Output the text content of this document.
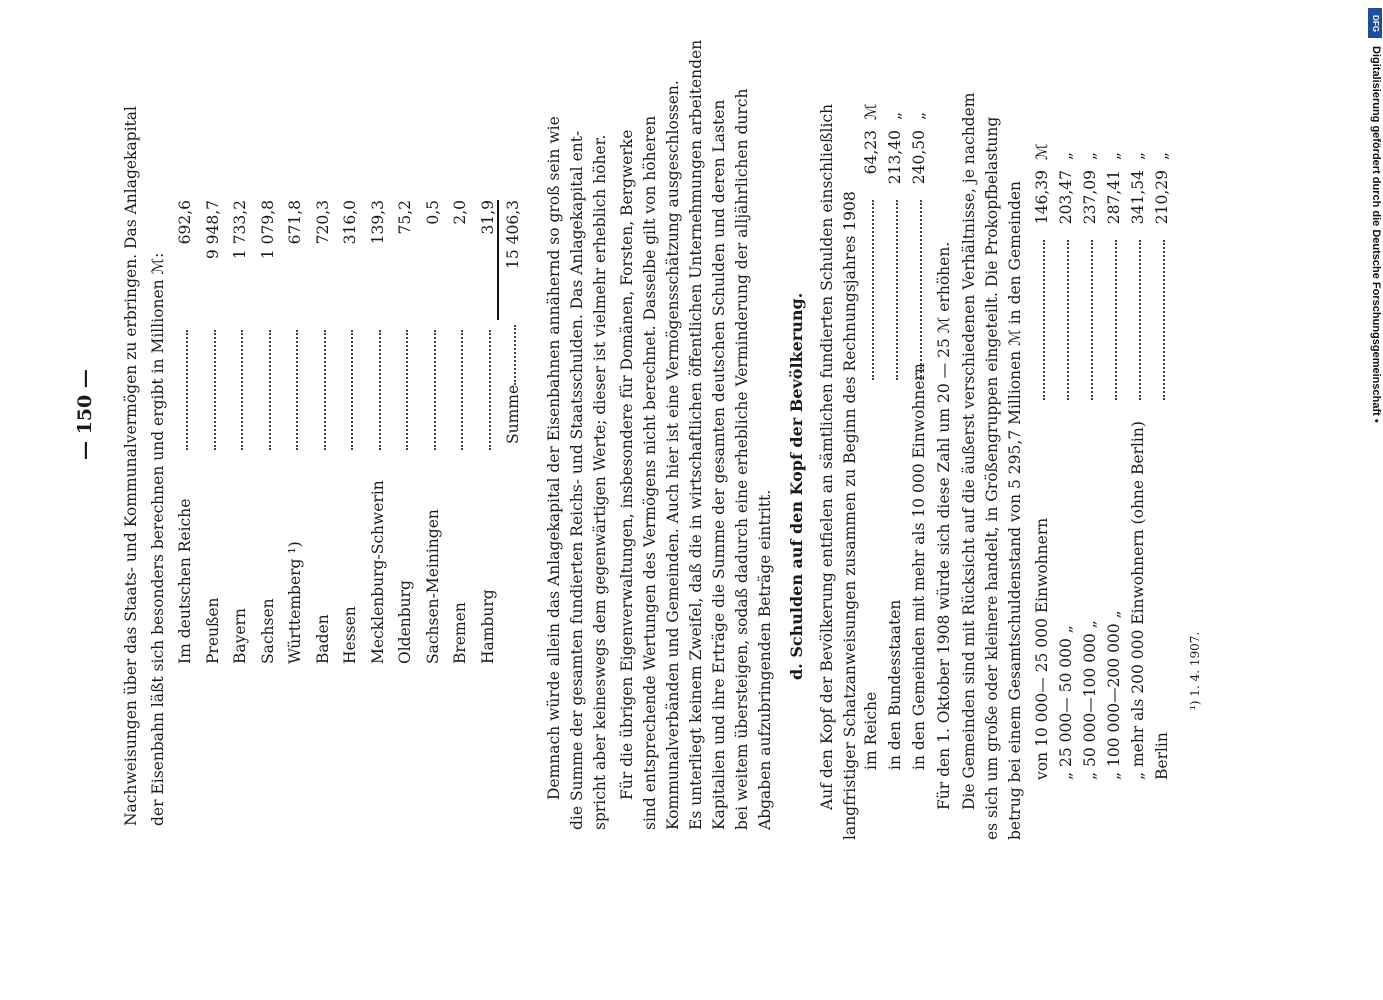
— 150 — Nachweisungen über das Staats- und Kommunalvermögen zu erbringen. Das Anlagekapital der Eisenbahn läßt sich besonders berechnen und ergibt in Millionen ℳ: Im deutschen Reiche
692,6
Preußen
9 948,7
Bayern
1 733,2
Sachsen
1 079,8
Württemberg ¹)
671,8
Baden
720,3
Hessen
316,0
Mecklenburg-Schwerin
139,3
Oldenburg
75,2
Sachsen-Meiningen
0,5
Bremen
2,0
Hamburg
31,9
Summe
15 406,3 Demnach würde allein das Anlagekapital der Eisenbahnen annähernd so groß sein wie die Summe der gesamten fundierten Reichs- und Staatsschulden. Das Anlagekapital ent- spricht aber keineswegs dem gegenwärtigen Werte; dieser ist vielmehr erheblich höher. Für die übrigen Eigenverwaltungen, insbesondere für Domänen, Forsten, Bergwerke sind entsprechende Wertungen des Vermögens nicht berechnet. Dasselbe gilt von höheren Kommunalverbänden und Gemeinden. Auch hier ist eine Vermögensschätzung ausgeschlossen. Es unterliegt keinem Zweifel, daß die in wirtschaftlichen öffentlichen Unternehmungen arbeitenden Kapitalien und ihre Erträge die Summe der gesamten deutschen Schulden und deren Lasten bei weitem übersteigen, sodaß dadurch eine erhebliche Verminderung der alljährlichen durch Abgaben aufzubringenden Beträge eintritt. d. Schulden auf den Kopf der Bevölkerung. Auf den Kopf der Bevölkerung entfielen an sämtlichen fundierten Schulden einschließlich langfristiger Schatzanweisungen zusammen zu Beginn des Rechnungsjahres 1908 im Reiche
64,23
ℳ
in den Bundesstaaten
213,40
„
in den Gemeinden mit mehr als 10 000 Einwohnern
240,50
„
Für den 1. Oktober 1908 würde sich diese Zahl um 20 — 25 ℳ erhöhen. Die Gemeinden sind mit Rücksicht auf die äußerst verschiedenen Verhältnisse, je nachdem es sich um große oder kleinere handelt, in Größengruppen eingeteilt. Die Prokopfbelastung betrug bei einem Gesamtschuldenstand von 5 295,7 Millionen ℳ in den Gemeinden von 10 000— 25 000 Einwohnern
146,39
ℳ
„ 25 000— 50 000 „
203,47
„
„ 50 000—100 000 „
237,09
„
„ 100 000—200 000 „
287,41
„
„ mehr als 200 000 Einwohnern (ohne Berlin)
341,54
„
Berlin
210,29
„
¹) 1. 4. 1907.
DFG
Digitalisierung gefördert durch die Deutsche Forschungsgemeinschaft •
